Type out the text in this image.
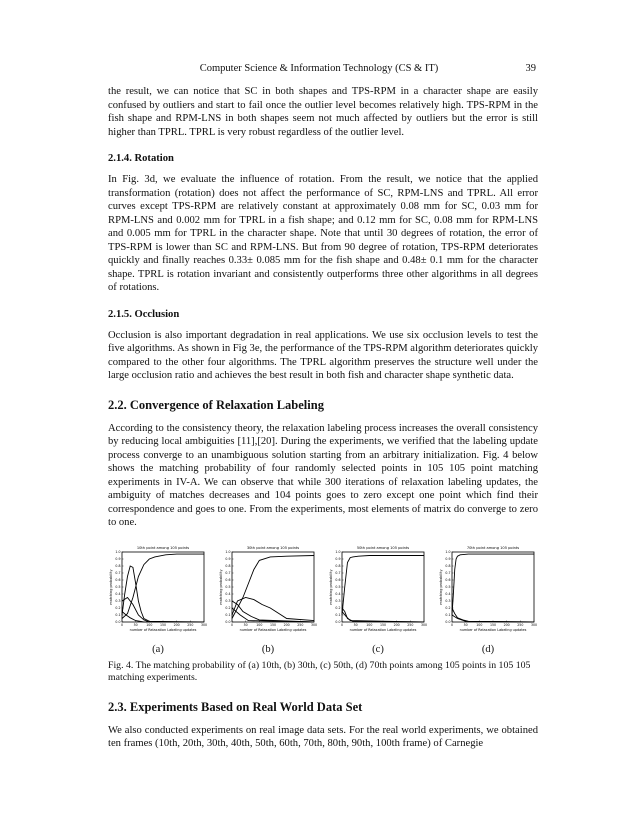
Computer Science & Information Technology (CS & IT)	39

the result, we can notice that SC in both shapes and TPS-RPM in a character shape are easily confused by outliers and start to fail once the outlier level becomes relatively high. TPS-RPM in the fish shape and RPM-LNS in both shapes seem not much affected by outliers but the error is still higher than TPRL. TPRL is very robust regardless of the outlier level.

2.1.4. Rotation

In Fig. 3d, we evaluate the influence of rotation. From the result, we notice that the applied transformation (rotation) does not affect the performance of SC, RPM-LNS and TPRL. All error curves except TPS-RPM are relatively constant at approximately 0.08 mm for SC, 0.03 mm for RPM-LNS and 0.002 mm for TPRL in a fish shape; and 0.12 mm for SC, 0.08 mm for RPM-LNS and 0.005 mm for TPRL in the character shape. Note that until 30 degrees of rotation, the error of TPS-RPM is lower than SC and RPM-LNS. But from 90 degree of rotation, TPS-RPM deteriorates quickly and finally reaches 0.33± 0.085 mm for the fish shape and 0.48± 0.1 mm for the character shape. TPRL is rotation invariant and consistently outperforms three other algorithms in all degrees of rotations.

2.1.5. Occlusion

Occlusion is also important degradation in real applications. We use six occlusion levels to test the five algorithms. As shown in Fig 3e, the performance of the TPS-RPM algorithm deteriorates quickly compared to the other four algorithms. The TPRL algorithm preserves the structure well under the large occlusion ratio and achieves the best result in both fish and character shape synthetic data.

2.2. Convergence of Relaxation Labeling

According to the consistency theory, the relaxation labeling process increases the overall consistency by reducing local ambiguities [11],[20]. During the experiments, we verified that the labeling update process converge to an unambiguous solution starting from an arbitrary initialization. Fig. 4 below shows the matching probability of four randomly selected points in 105 105 point matching experiments in IV-A. We can observe that while 300 iterations of relaxation labeling updates, the ambiguity of matches decreases and 104 points goes to zero except one point which find their correspondence and goes to one. From the experiments, most elements of matrix do converge to zero to one.

10th point among 105 points
0.0
0.1
0.2
0.3
0.4
0.5
0.6
0.7
0.8
0.9
1.0
0	50	100 150 200 250 300
number of Relaxation Labeling updates
matching probability
30th point among 105 points
0.0
0.1
0.2
0.3
0.4
0.5
0.6
0.7
0.8
0.9
1.0
0	50	100 150 200 250 300
number of Relaxation Labeling updates
matching probability
50th point among 105 points
0.0
0.1
0.2
0.3
0.4
0.5
0.6
0.7
0.8
0.9
1.0
0	50	100 150 200 250 300
number of Relaxation Labeling updates
matching probability
70th point among 105 points
0.0
0.1
0.2
0.3
0.4
0.5
0.6
0.7
0.8
0.9
1.0
0	50	100 150 200 250 300
number of Relaxation Labeling updates
matching probability
(a)	(b)	(c)	(d)

Fig. 4. The matching probability of (a) 10th, (b) 30th, (c) 50th, (d) 70th points among 105 points in 105 105 matching experiments.

2.3. Experiments Based on Real World Data Set

We also conducted experiments on real image data sets. For the real world experiments, we obtained ten frames (10th, 20th, 30th, 40th, 50th, 60th, 70th, 80th, 90th, 100th frame) of Carnegie
